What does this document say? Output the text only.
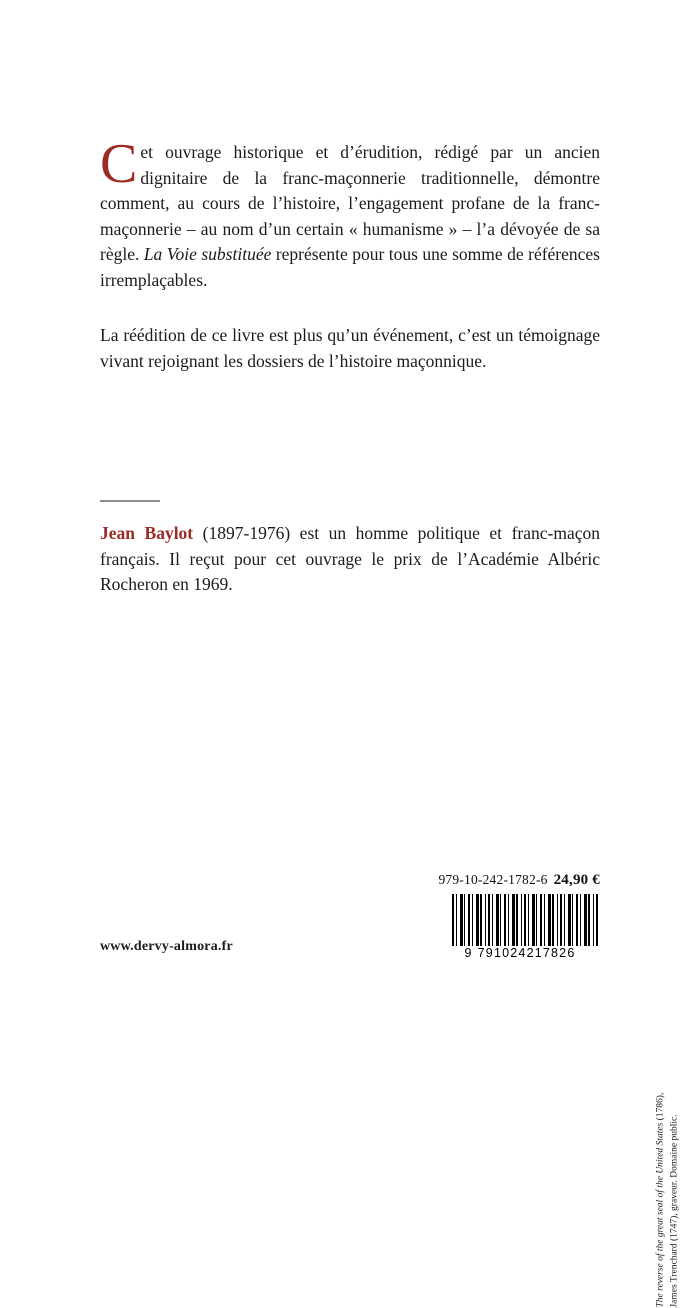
Cet ouvrage historique et d’érudition, rédigé par un ancien dignitaire de la franc-maçonnerie traditionnelle, démontre comment, au cours de l’histoire, l’engagement profane de la franc-maçonnerie – au nom d’un certain « humanisme » – l’a dévoyée de sa règle. La Voie substituée représente pour tous une somme de références irremplaçables.

La réédition de ce livre est plus qu’un événement, c’est un témoignage vivant rejoignant les dossiers de l’histoire maçonnique.

Jean Baylot (1897-1976) est un homme politique et franc-maçon français. Il reçut pour cet ouvrage le prix de l’Académie Albéric Rocheron en 1969.
The reverse of the great seal of the United States (1786),
James Trenchard (1747), graveur. Domaine public.
979-10-242-1782-6 24,90 €
9 791024217826
www.dervy-almora.fr
